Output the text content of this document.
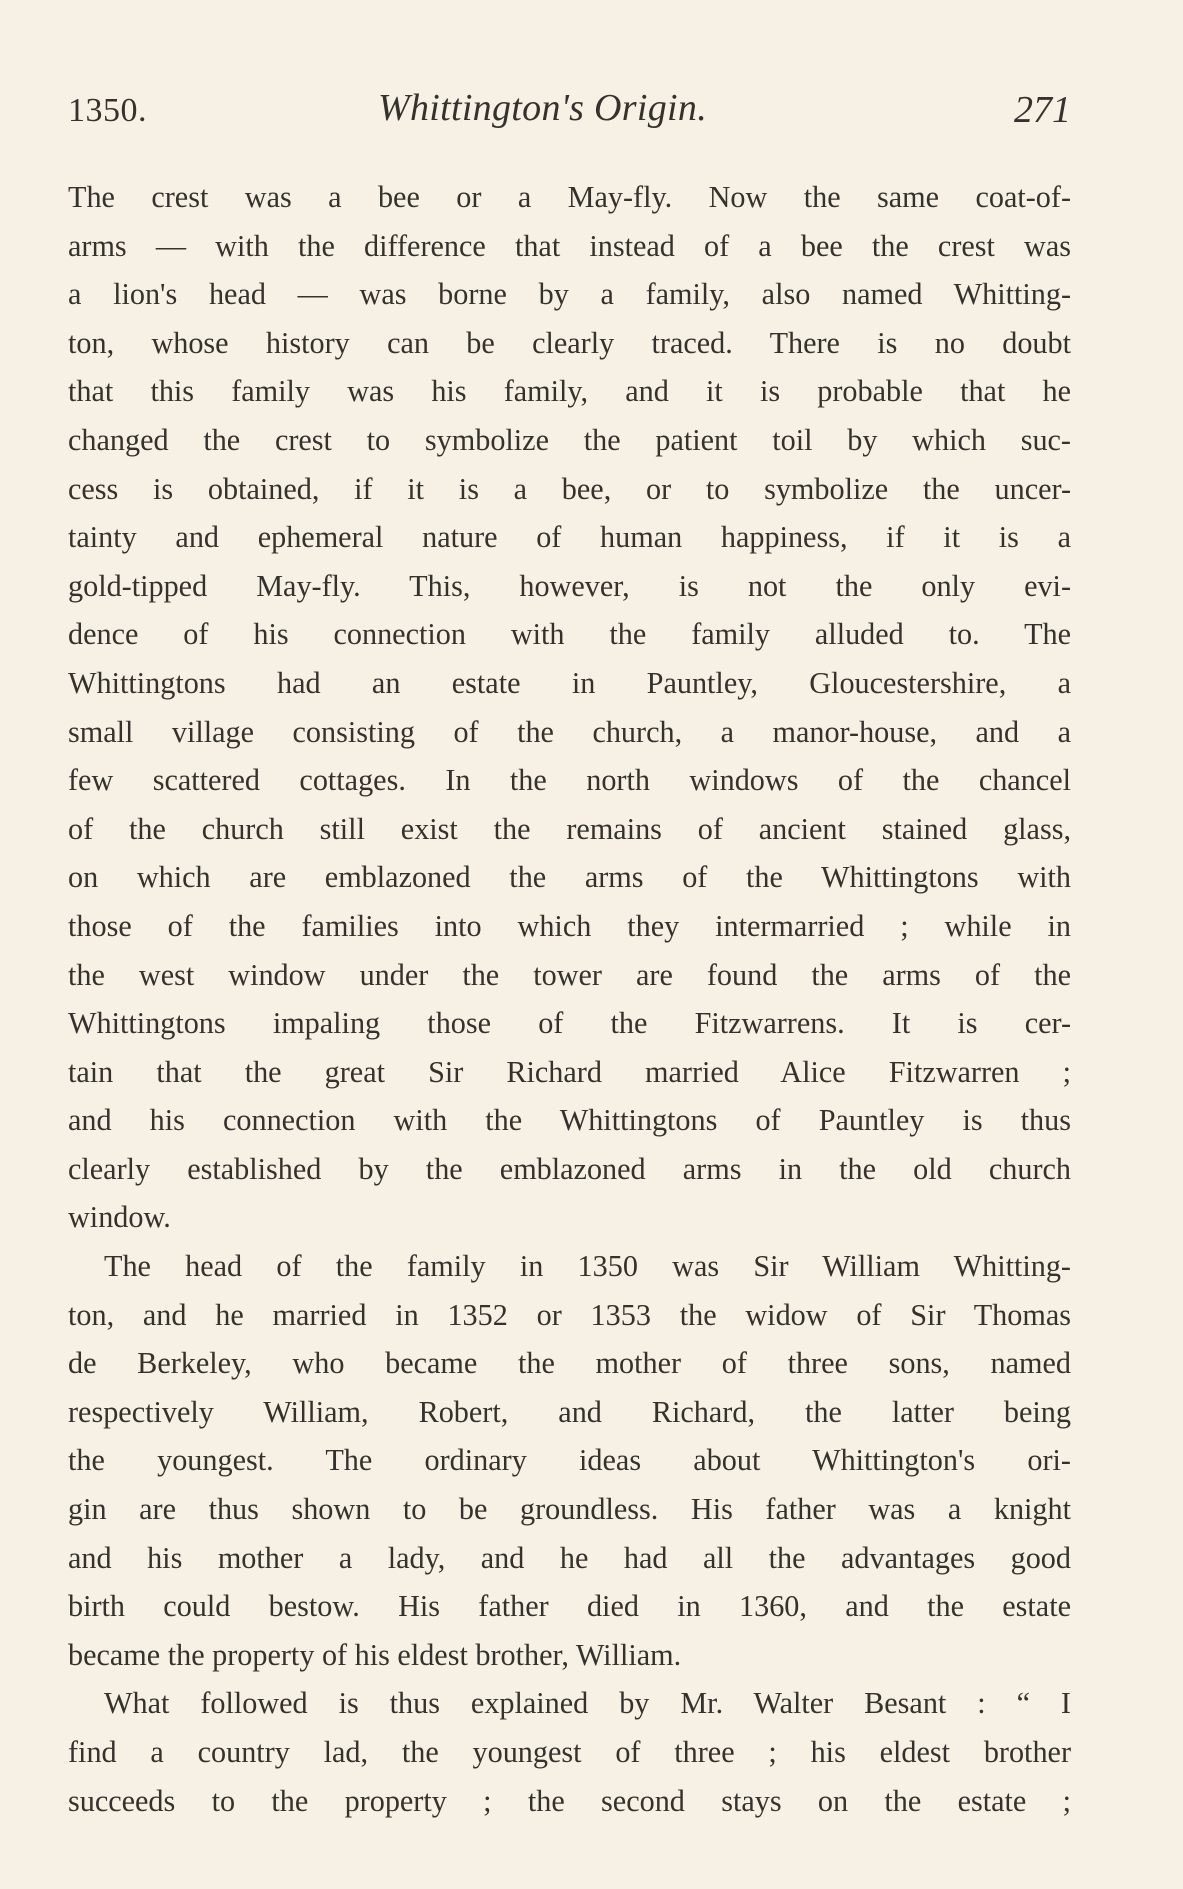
1350.	Whittington's Origin.	271
The crest was a bee or a May-fly. Now the same coat-of-
arms — with the difference that instead of a bee the crest was
a lion's head — was borne by a family, also named Whitting-
ton, whose history can be clearly traced. There is no doubt
that this family was his family, and it is probable that he
changed the crest to symbolize the patient toil by which suc-
cess is obtained, if it is a bee, or to symbolize the uncer-
tainty and ephemeral nature of human happiness, if it is a
gold-tipped May-fly. This, however, is not the only evi-
dence of his connection with the family alluded to. The
Whittingtons had an estate in Pauntley, Gloucestershire, a
small village consisting of the church, a manor-house, and a
few scattered cottages. In the north windows of the chancel
of the church still exist the remains of ancient stained glass,
on which are emblazoned the arms of the Whittingtons with
those of the families into which they intermarried ; while in
the west window under the tower are found the arms of the
Whittingtons impaling those of the Fitzwarrens. It is cer-
tain that the great Sir Richard married Alice Fitzwarren ;
and his connection with the Whittingtons of Pauntley is thus
clearly established by the emblazoned arms in the old church
window.
The head of the family in 1350 was Sir William Whitting-
ton, and he married in 1352 or 1353 the widow of Sir Thomas
de Berkeley, who became the mother of three sons, named
respectively William, Robert, and Richard, the latter being
the youngest. The ordinary ideas about Whittington's ori-
gin are thus shown to be groundless. His father was a knight
and his mother a lady, and he had all the advantages good
birth could bestow. His father died in 1360, and the estate
became the property of his eldest brother, William.
What followed is thus explained by Mr. Walter Besant : “ I
find a country lad, the youngest of three ; his eldest brother
succeeds to the property ; the second stays on the estate ;
